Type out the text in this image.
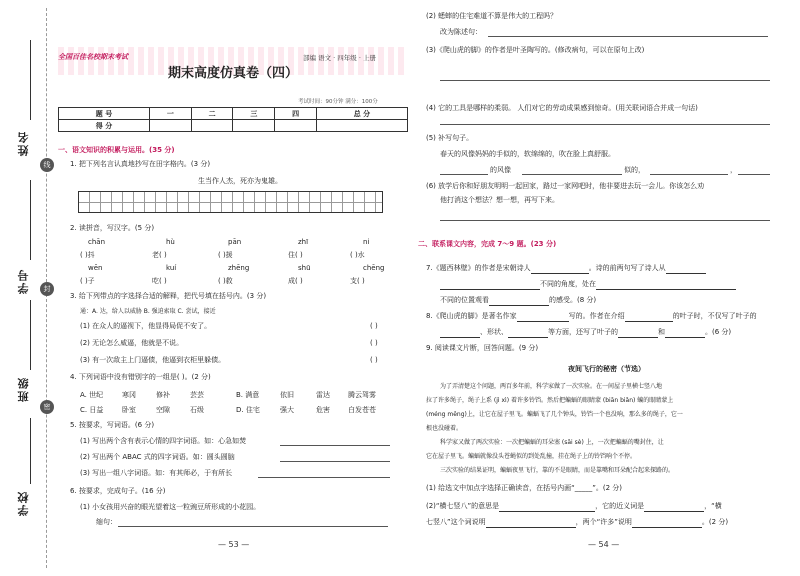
姓名
学号
班级
学校
线
封
密
全国百佳名校期末考试	部编 语文 · 四年级 · 上册
期末高度仿真卷（四）
考试时间：90分钟 满分：100分
题 号	一	二	三	四	总 分
得 分					
一、语文知识的积累与运用。(35 分)
1. 把下列名言认真地抄写在田字格内。(3 分)
生当作人杰，死亦为鬼雄。
2. 读拼音，写汉字。(5 分)
chān	hù	pān	zhī	ni
( )抖	老( )	( )援	住( )	( )水
wēn	kuí	zhēng	shū	chēng
( )子	吃( )	( )救	成( )	支( )
3. 给下列带点的字选择合适的解释，把代号填在括号内。(3 分)
通：A. 达，给人以威胁 B. 强迫索取 C. 尝试，接近
(1) 在众人的逼视下，他显得局促不安了。	( )
(2) 无论怎么威逼，他就是不说。	( )
(3) 有一次敌主上门逼债，他逼到衣柜里躲债。	( )
4. 下列词语中没有错别字的一组是( )。(2 分)
A. 世纪	寒冈	修补	芸芸	B. 满意	依旧	雷达	腾云驾雾
C. 日益	卧室	空隙	石级	D. 住宅	强大	危害	白发苍苍
5. 按要求，写词语。(6 分)
(1) 写出两个含有表示心情的四字词语。如：心急如焚
(2) 写出两个 ABAC 式的四字词语。如：圆头圆脑
(3) 写出一组八字词语。如：有其师必，于有所长
6. 按要求，完成句子。(16 分)
(1) 小女孩用兴奋的眼光望着这一粒豌豆所形成的小花园。
缩句：
— 53 —
(2) 蟋蟀的住宅难道不算是伟大的工程吗？
改为陈述句：
(3)《爬山虎的脚》的作者是叶圣陶写的。(修改病句，可以在原句上改)
(4) 它的工具是哪样的柔弱。 人们对它的劳动成果感到惊奇。(用关联词语合并成一句话)
(5) 补写句子。
春天的风像妈妈的手似的，软绵绵的，吹在脸上真舒服。
的风像	似的，	，
(6) 放学后你和好朋友明明一起回家，路过一家网吧时，他非要进去玩一会儿。你该怎么劝
他打消这个想法？想一想，再写下来。
二、联系课文内容，完成 7～9 题。(23 分)
7.《题西林壁》的作者是宋朝诗人	。诗的前两句写了诗人从
不同的角度，处在
不同的位置观看	的感受。(8 分)
8.《爬山虎的脚》是著名作家	写的。作者在介绍	的叶子时，不仅写了叶子的
、形状、	等方面，还写了叶子的	和	。(6 分)
9. 阅读课文片断，回答问题。(9 分)
夜间飞行的秘密（节选）
为了弄清楚这个问题，两百多年前，科学家做了一次实验。在一间屋子里横七竖八地
拉了许多绳子，绳子上系 (jì xì) 着许多铃铛。然后把蝙蝠的眼睛蒙 (biān biǎn) 蝙的眼睛蒙上
(méng měng)上，让它在屋子里飞。蝙蝠飞了几个钟头，铃铛一个也没响，那么多的绳子，它一
根也没碰着。
科学家又做了两次实验：一次把蝙蝠的耳朵塞 (sāi sè) 上，一次把蝙蝠的嘴封住，让
它在屋子里飞。蝙蝠就像没头苍蝇似的到处乱撞，挂在绳子上的铃铛响个不停。
三次实验的结果证明，蝙蝠夜里飞行，靠的不是眼睛，而是靠嘴和耳朵配合起来探路的。
(1) 给选文中加点字选择正确读音，在括号内画“_____”。(2 分)
(2)“横七竖八”的意思是	，它的近义词是	，“横
七竖八”这个词说明	，两个“许多”说明	。(2 分)
— 54 —
